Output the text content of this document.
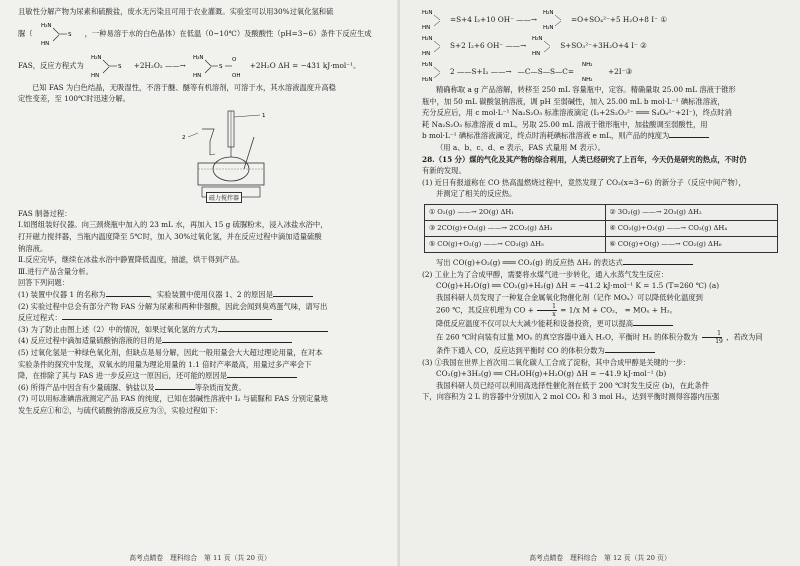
且敏性分解产物为尿素和硫酸盐，废水无污染且可用于农业灌溉。实验室可以用30%过氧化氢和硫

脲（
H₂N
HN
S ，一种易溶于水的白色晶体）在低温（0~10℃）及酸酸性（pH=3~6）条件下反应生成
FAS，反应方程式为
H₂N
HN
S +2H₂O₂ ——→
H₂N
HN
S
O
OH
+2H₂O ΔH = −431 kJ·mol⁻¹。

已知 FAS 为白色结晶，无吸湿性，不溶于醚、醚等有机溶剂，可溶于水，其水溶液温度升高稳

定性变差，至 100℃时迅速分解。

1
2
磁力搅拌器

FAS 制备过程：

Ⅰ.如图组装好仪器。向三颈烧瓶中加入的 23 mL 水，再加入 15 g 硫脲粉末，浸入冰盐水浴中，

打开磁力搅拌器，当瓶内温度降至 5℃时，加入 30%过氧化氢，并在反应过程中滴加适量硫酸

钠溶液。

Ⅱ.反应完毕，继续在冰盐水浴中静置降低温度，抽滤，烘干得到产品。

Ⅲ.进行产品含量分析。

回答下列问题：

(1) 装置中仪器 1 的名称为	，实验装置中使用仪器 1、2 的原因是

(2) 实验过程中总会有部分产物 FAS 分解为尿素和两种非强酸，因此会闻到臭鸡蛋气味，请写出

反应过程式：

(3) 为了防止由图上述（2）中的情况，如果过氧化氢的方式为

(4) 反应过程中滴加适量硫酸钠溶液的目的是

(5) 过氧化氢是一种绿色氧化剂，但缺点是易分解，因此一般用量会大大超过理论用量，在对本

实验条件的探究中发现，双氧水的用量为理论用量的 1.1 倍时产率最高，用量过多产率会下

降，在排除了其与 FAS 进一步反应这一原因后，还可能的原因是

(6) 所得产品中因含有少量硫脲、钠盐以及	等杂质而发黄。

(7) 可以用标准碘溶液测定产品 FAS 的纯度，已知在弱碱性溶液中 I₂ 与硫脲和 FAS 分别定量地

发生反应①和②，与硫代硫酸钠溶液反应为③，实验过程如下：

高考点睛卷　理科综合　第 11 页（共 20 页）
H₂N
HN
=S+4 I₂+10 OH⁻ ——→
H₂N
H₂N
=O+SO₄²⁻+5 H₂O+8 I⁻ ①
H₂N
HN
S+2 I₂+6 OH⁻ ——→
H₂N
HN
S+SO₃²⁻+3H₂O+4 I⁻ ②
H₂N
H₂N
2 ——S+I₂ ——→ —C—S—S—C=
NH₂
NH₂
+2I⁻③

精确称取 a g 产品溶解，转移至 250 mL 容量瓶中，定容。精确量取 25.00 mL 溶液于锥形

瓶中，加 50 mL 碳酸氢钠溶液，调 pH 至弱碱性，加入 25.00 mL b mol·L⁻¹ 碘标准溶液，

充分反应后，用 c mol·L⁻¹ Na₂S₂O₃ 标准溶液滴定 (I₂+2S₂O₃²⁻ ═══ S₄O₆²⁻+2I⁻)，终点时消

耗 Na₂S₂O₃ 标准溶液 d mL。另取 25.00 mL 溶液于锥形瓶中，加盐酸调至弱酸性，用

b mol·L⁻¹ 碘标准溶液滴定，终点时消耗碘标准溶液 e mL，则产品的纯度为

（用 a、b、c、d、e 表示，FAS 式量用 M 表示）。

28.（15 分）煤的气化及其产物的综合利用，人类已经研究了上百年，今天仍是研究的热点，不时仍

有新的发现。

(1) 近日有报道称在 CO 热高温燃烧过程中，竟然发现了 CO₂(x=3~6) 的新分子（反应中间产物），

并测定了相关的反应热。

① O₂(g) ——→ 2O(g) ΔH₁	② 3O₂(g) ——→ 2O₃(g) ΔH₂
③ 2CO(g)+O₂(g) ——→ 2CO₂(g) ΔH₃	④ CO₂(g)+O₂(g) ——→ CO₃(g) ΔH₄
⑤ CO(g)+O₂(g) ——→ CO₃(g) ΔH₅	⑥ CO(g)+O(g) ——→ CO₂(g) ΔH₆

写出 CO(g)+O₂(g) ═══ CO₂(g) 的反应热 ΔH₂ 的表达式

(2) 工业上为了合成甲醇，需要将水煤气进一步转化，通入水蒸气发生反应：

CO(g)+H₂O(g) ══ CO₂(g)+H₂(g) ΔH = −41.2 kJ·mol⁻¹ K = 1.5 (T=260 ℃) (a)

我国科研人员发现了一种复合金属氧化物催化剂（记作 MOₓ）可以降低转化温度到

260 ℃，其反应机理为 CO + $\frac{1}{x} = 1/x$ M + CO₂， = MOₓ + H₂。

降低反应温度不仅可以大大减少能耗和设备投资，更可以提高

在 260 ℃时向装有过量 MOₓ 的真空容器中通入 H₂O，平衡时 H₂ 的体积分数为 $\frac{1}{19}$ ，若改为同

条件下通入 CO，反应达到平衡时 CO 的体积分数为

(3) ①我国在世界上首次用二氧化碳人工合成了淀粉，其中合成甲醇是关键的一步：

CO₂(g)+3H₂(g) ══ CH₃OH(g)+H₂O(g) ΔH = −41.9 kJ·mol⁻¹ (b)

我国科研人员已经可以利用高选择性催化剂在低于 200 ℃时发生反应 (b)，在此条件

下，向容积为 2 L 的容器中分别加入 2 mol CO₂ 和 3 mol H₂，达到平衡时测得容器内压强

高考点睛卷　理科综合　第 12 页（共 20 页）
